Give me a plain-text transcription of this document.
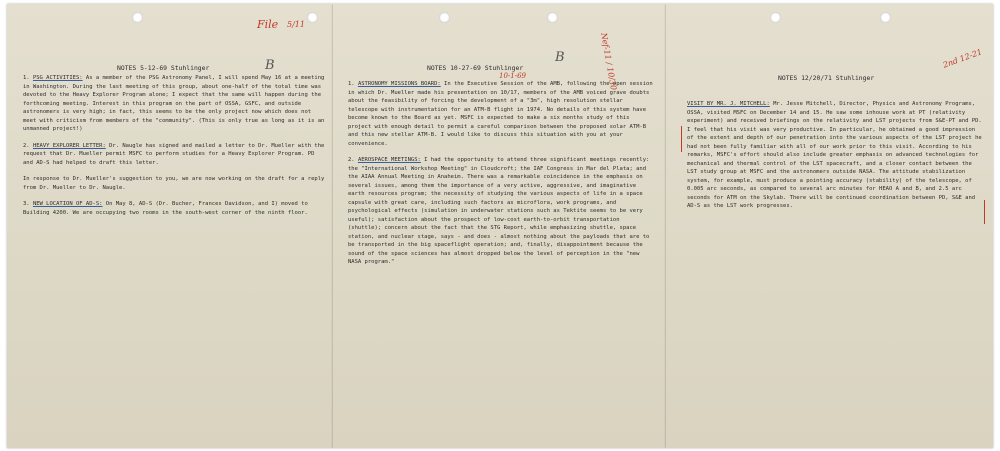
File 5/11
B
NOTES 5-12-69 Stuhlinger

1. PSG ACTIVITIES: As a member of the PSG Astronomy Panel, I will spend May 16 at a meeting in Washington. During the last meeting of this group, about one-half of the total time was devoted to the Heavy Explorer Program alone; I expect that the same will happen during the forthcoming meeting. Interest in this program on the part of OSSA, GSFC, and outside astronomers is very high; in fact, this seems to be the only project now which does not meet with criticism from members of the "community". (This is only true as long as it is an unmanned project!)

2. HEAVY EXPLORER LETTER: Dr. Naugle has signed and mailed a letter to Dr. Mueller with the request that Dr. Mueller permit MSFC to perform studies for a Heavy Explorer Program. PD and AD-S had helped to draft this letter.

In response to Dr. Mueller's suggestion to you, we are now working on the draft for a reply from Dr. Mueller to Dr. Naugle.

3. NEW LOCATION OF AD-S: On May 8, AD-S (Dr. Bucher, Frances Davidson, and I) moved to Building 4200. We are occupying two rooms in the south-west corner of the ninth floor.

Nef-11 / 10/30
B
10-1-69
NOTES 10-27-69 Stuhlinger

1. ASTRONOMY MISSIONS BOARD: In the Executive Session of the AMB, following the open session in which Dr. Mueller made his presentation on 10/17, members of the AMB voiced grave doubts about the feasibility of forcing the development of a "3m", high resolution stellar telescope with instrumentation for an ATM-B flight in 1974. No details of this system have become known to the Board as yet. MSFC is expected to make a six months study of this project with enough detail to permit a careful comparison between the proposed solar ATM-B and this new stellar ATM-B. I would like to discuss this situation with you at your convenience.

2. AEROSPACE MEETINGS: I had the opportunity to attend three significant meetings recently: the "International Workshop Meeting" in Cloudcroft; the IAF Congress in Mar del Plata; and the AIAA Annual Meeting in Anaheim. There was a remarkable coincidence in the emphasis on several issues, among them the importance of a very active, aggressive, and imaginative earth resources program; the necessity of studying the various aspects of life in a space capsule with great care, including such factors as microflora, work programs, and psychological effects (simulation in underwater stations such as Tektite seems to be very useful); satisfaction about the prospect of low-cost earth-to-orbit transportation (shuttle); concern about the fact that the STG Report, while emphasizing shuttle, space station, and nuclear stage, says - and does - almost nothing about the payloads that are to be transported in the big spaceflight operation; and, finally, disappointment because the sound of the space sciences has almost dropped below the level of perception in the "new NASA program."

2nd 12-21
NOTES 12/20/71 Stuhlinger

VISIT BY MR. J. MITCHELL: Mr. Jesse Mitchell, Director, Physics and Astronomy Programs, OSSA, visited MSFC on December 14 and 15. He saw some inhouse work at PT (relativity experiment) and received briefings on the relativity and LST projects from S&E-PT and PD. I feel that his visit was very productive. In particular, he obtained a good impression of the extent and depth of our penetration into the various aspects of the LST project he had not been fully familiar with all of our work prior to this visit. According to his remarks, MSFC's effort should also include greater emphasis on advanced technologies for mechanical and thermal control of the LST spacecraft, and a closer contact between the LST study group at MSFC and the astronomers outside NASA. The attitude stabilization system, for example, must produce a pointing accuracy (stability) of the telescope, of 0.005 arc seconds, as compared to several arc minutes for HEAO A and B, and 2.5 arc seconds for ATM on the Skylab. There will be continued coordination between PD, S&E and AD-S as the LST work progresses.
